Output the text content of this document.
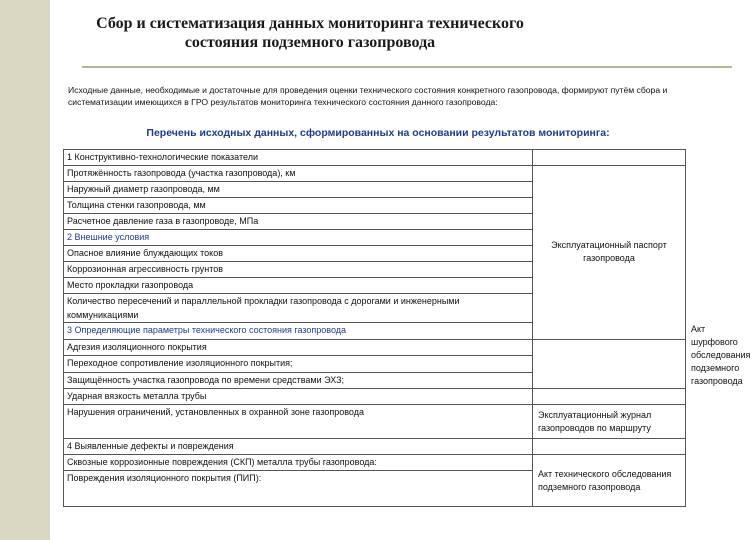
Сбор и систематизация данных мониторинга технического состояния подземного газопровода
Исходные данные, необходимые и достаточные для проведения оценки технического состояния конкретного газопровода, формируют путём сбора и систематизации имеющихся в ГРО результатов мониторинга технического состояния данного газопровода:
Перечень исходных данных, сформированных на основании результатов мониторинга:
1 Конструктивно-технологические показатели		
Протяжённость газопровода (участка газопровода), км	Эксплуатационный паспорт газопровода	

Наружный диаметр газопровода, мм		
Толщина стенки газопровода, мм		
Расчетное давление газа в газопроводе, МПа		
2 Внешние условия		
Опасное влияние блуждающих токов		
Коррозионная агрессивность грунтов		
Место прокладки газопровода		
Количество пересечений и параллельной прокладки газопровода с дорогами и инженерными коммуникациями		
3 Определяющие параметры технического состояния газопровода		Акт шурфового обследования подземного газопровода

Адгезия изоляционного покрытия		
Переходное сопротивление изоляционного покрытия;		
Защищённость участка газопровода по времени средствами ЭХЗ;		
Ударная вязкость металла трубы		
Нарушения ограничений, установленных в охранной зоне газопровода	Эксплуатационный журнал газопроводов по маршруту	

4 Выявленные дефекты и повреждения		
Сквозные коррозионные повреждения (СКП) металла трубы газопровода:	Акт технического обследования подземного газопровода	

Повреждения изоляционного покрытия (ПИП):		
